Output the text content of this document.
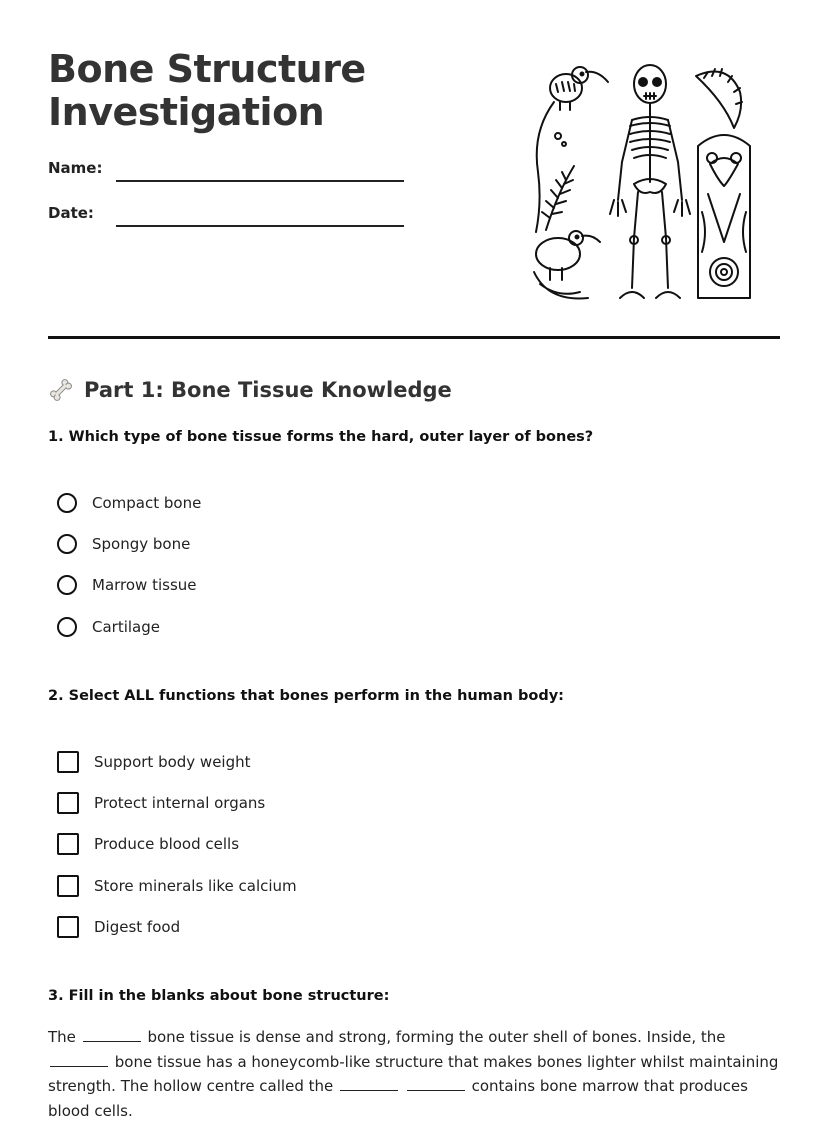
Bone Structure
Investigation
Name:
Date:
Part 1: Bone Tissue Knowledge

1. Which type of bone tissue forms the hard, outer layer of bones?

Compact bone
Spongy bone
Marrow tissue
Cartilage

2. Select ALL functions that bones perform in the human body:

Support body weight
Protect internal organs
Produce blood cells
Store minerals like calcium
Digest food

3. Fill in the blanks about bone structure:

The	bone tissue is dense and strong, forming the outer shell of bones. Inside, the  bone tissue has a honeycomb-like structure that makes bones lighter whilst maintaining strength. The hollow centre called the	contains bone marrow that produces blood cells.
